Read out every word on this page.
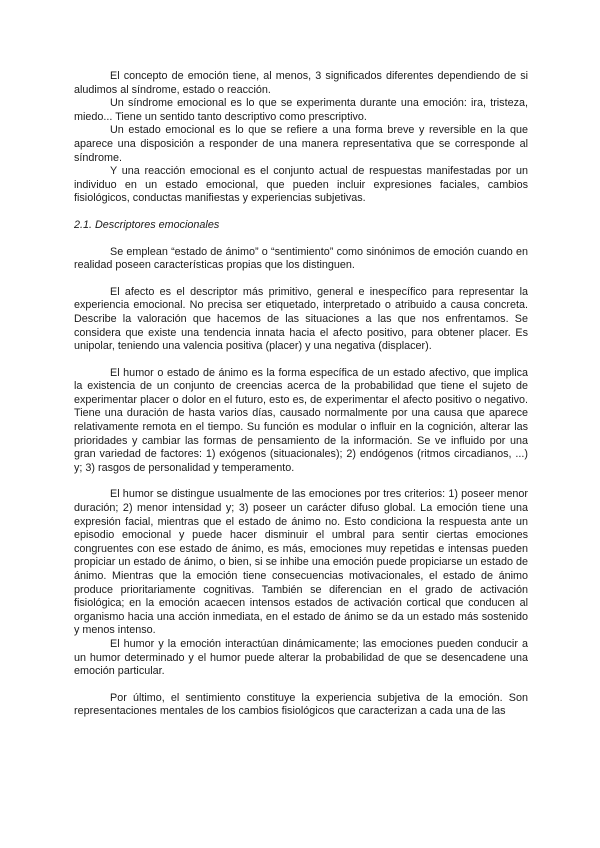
El concepto de emoción tiene, al menos, 3 significados diferentes dependiendo de si aludimos al síndrome, estado o reacción.

Un síndrome emocional es lo que se experimenta durante una emoción: ira, tristeza, miedo... Tiene un sentido tanto descriptivo como prescriptivo.

Un estado emocional es lo que se refiere a una forma breve y reversible en la que aparece una disposición a responder de una manera representativa que se corresponde al síndrome.

Y una reacción emocional es el conjunto actual de respuestas manifestadas por un individuo en un estado emocional, que pueden incluir expresiones faciales, cambios fisiológicos, conductas manifiestas y experiencias subjetivas.

2.1. Descriptores emocionales

Se emplean “estado de ánimo” o “sentimiento” como sinónimos de emoción cuando en realidad poseen características propias que los distinguen.

El afecto es el descriptor más primitivo, general e inespecífico para representar la experiencia emocional. No precisa ser etiquetado, interpretado o atribuido a causa concreta. Describe la valoración que hacemos de las situaciones a las que nos enfrentamos. Se considera que existe una tendencia innata hacia el afecto positivo, para obtener placer. Es unipolar, teniendo una valencia positiva (placer) y una negativa (displacer).

El humor o estado de ánimo es la forma específica de un estado afectivo, que implica la existencia de un conjunto de creencias acerca de la probabilidad que tiene el sujeto de experimentar placer o dolor en el futuro, esto es, de experimentar el afecto positivo o negativo. Tiene una duración de hasta varios días, causado normalmente por una causa que aparece relativamente remota en el tiempo. Su función es modular o influir en la cognición, alterar las prioridades y cambiar las formas de pensamiento de la información. Se ve influido por una gran variedad de factores: 1) exógenos (situacionales); 2) endógenos (ritmos circadianos, ...) y; 3) rasgos de personalidad y temperamento.

El humor se distingue usualmente de las emociones por tres criterios: 1) poseer menor duración; 2) menor intensidad y; 3) poseer un carácter difuso global. La emoción tiene una expresión facial, mientras que el estado de ánimo no. Esto condiciona la respuesta ante un episodio emocional y puede hacer disminuir el umbral para sentir ciertas emociones congruentes con ese estado de ánimo, es más, emociones muy repetidas e intensas pueden propiciar un estado de ánimo, o bien, si se inhibe una emoción puede propiciarse un estado de ánimo. Mientras que la emoción tiene consecuencias motivacionales, el estado de ánimo produce prioritariamente cognitivas. También se diferencian en el grado de activación fisiológica; en la emoción acaecen intensos estados de activación cortical que conducen al organismo hacia una acción inmediata, en el estado de ánimo se da un estado más sostenido y menos intenso.

El humor y la emoción interactúan dinámicamente; las emociones pueden conducir a un humor determinado y el humor puede alterar la probabilidad de que se desencadene una emoción particular.

Por último, el sentimiento constituye la experiencia subjetiva de la emoción. Son representaciones mentales de los cambios fisiológicos que caracterizan a cada una de las
